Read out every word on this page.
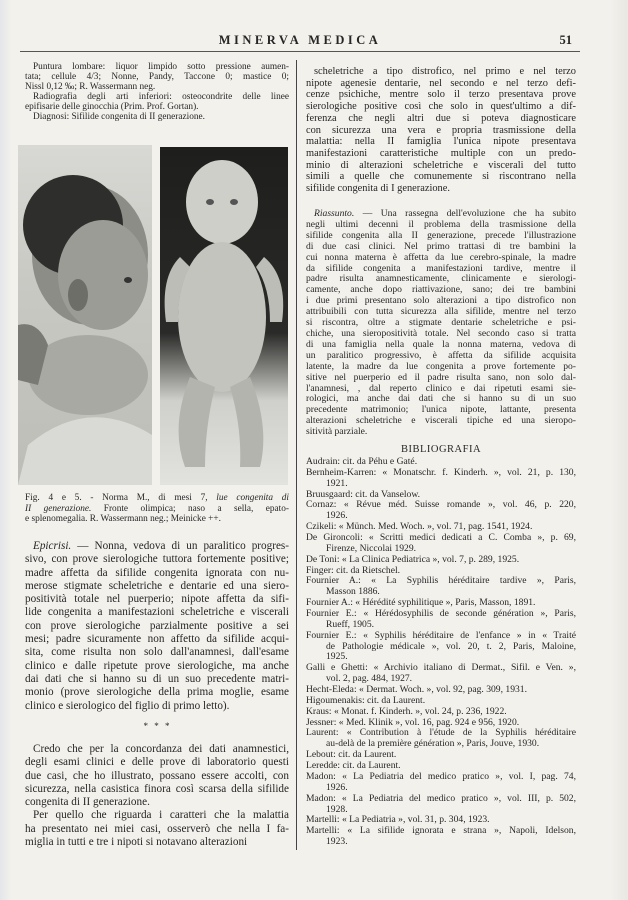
MINERVA MEDICA	51
Puntura lombare: liquor limpido sotto pressione aumen-
tata; cellule 4/3; Nonne, Pandy, Taccone 0; mastice 0;
Nissl 0,12 ‰; R. Wassermann neg.
Radiografia degli arti inferiori: osteocondrite delle linee
epifisarie delle ginocchia (Prim. Prof. Gortan).
Diagnosi: Sifilide congenita di II generazione.
Fig. 4 e 5. - Norma M., di mesi 7, lue congenita di
II generazione. Fronte olimpica; naso a sella, epato-
e splenomegalia. R. Wassermann neg.; Meinicke ++.
Epicrisi. — Nonna, vedova di un paralitico progres-
sivo, con prove sierologiche tuttora fortemente positive;
madre affetta da sifilide congenita ignorata con nu-
merose stigmate scheletriche e dentarie ed una siero-
positività totale nel puerperio; nipote affetta da sifi-
lide congenita a manifestazioni scheletriche e viscerali
con prove sierologiche parzialmente positive a sei
mesi; padre sicuramente non affetto da sifilide acqui-
sita, come risulta non solo dall'anamnesi, dall'esame
clinico e dalle ripetute prove sierologiche, ma anche
dai dati che si hanno su di un suo precedente matri-
monio (prove sierologiche della prima moglie, esame
clinico e sierologico del figlio di primo letto).
* * *
Credo che per la concordanza dei dati anamnestici,
degli esami clinici e delle prove di laboratorio questi
due casi, che ho illustrato, possano essere accolti, con
sicurezza, nella casistica finora così scarsa della sifilide
congenita di II generazione.
Per quello che riguarda i caratteri che la malattia
ha presentato nei miei casi, osserverò che nella I fa-
miglia in tutti e tre i nipoti si notavano alterazioni
scheletriche a tipo distrofico, nel primo e nel terzo
nipote agenesie dentarie, nel secondo e nel terzo defi-
cenze psichiche, mentre solo il terzo presentava prove
sierologiche positive così che solo in quest'ultimo a dif-
ferenza che negli altri due si poteva diagnosticare
con sicurezza una vera e propria trasmissione della
malattia: nella II famiglia l'unica nipote presentava
manifestazioni caratteristiche multiple con un predo-
minio di alterazioni scheletriche e viscerali del tutto
simili a quelle che comunemente si riscontrano nella
sifilide congenita di I generazione.
Riassunto. — Una rassegna dell'evoluzione che ha subito
negli ultimi decenni il problema della trasmissione della
sifilide congenita alla II generazione, precede l'illustrazione
di due casi clinici. Nel primo trattasi di tre bambini la
cui nonna materna è affetta da lue cerebro-spinale, la madre
da sifilide congenita a manifestazioni tardive, mentre il
padre risulta anamnesticamente, clinicamente e sierologi-
camente, anche dopo riattivazione, sano; dei tre bambini
i due primi presentano solo alterazioni a tipo distrofico non
attribuibili con tutta sicurezza alla sifilide, mentre nel terzo
si riscontra, oltre a stigmate dentarie scheletriche e psi-
chiche, una sieropositività totale. Nel secondo caso si tratta
di una famiglia nella quale la nonna materna, vedova di
un paralitico progressivo, è affetta da sifilide acquisita
latente, la madre da lue congenita a prove fortemente po-
sitive nel puerperio ed il padre risulta sano, non solo dal-
l'anamnesi, , dal reperto clinico e dai ripetuti esami sie-
rologici, ma anche dai dati che si hanno su di un suo
precedente matrimonio; l'unica nipote, lattante, presenta
alterazioni scheletriche e viscerali tipiche ed una sieropo-
sitività parziale.
BIBLIOGRAFIA
Audrain: cit. da Péhu e Gaté.
Bernheim-Karren: « Monatschr. f. Kinderh. », vol. 21, p. 130,
1921.
Bruusgaard: cit. da Vanselow.
Cornaz: « Révue méd. Suisse romande », vol. 46, p. 220,
1926.
Czikeli: « Münch. Med. Woch. », vol. 71, pag. 1541, 1924.
De Gironcoli: « Scritti medici dedicati a C. Comba », p. 69,
Firenze, Niccolai 1929.
De Toni: « La Clinica Pediatrica », vol. 7, p. 289, 1925.
Finger: cit. da Rietschel.
Fournier A.: « La Syphilis héréditaire tardive », Paris,
Masson 1886.
Fournier A.: « Hérédité syphilitique », Paris, Masson, 1891.
Fournier E.: « Hérédosyphilis de seconde génération », Paris,
Rueff, 1905.
Fournier E.: « Syphilis héréditaire de l'enfance » in « Traité
de Pathologie médicale », vol. 20, t. 2, Paris, Maloine,
1925.
Galli e Ghetti: « Archivio italiano di Dermat., Sifil. e Ven. »,
vol. 2, pag. 484, 1927.
Hecht-Eleda: « Dermat. Woch. », vol. 92, pag. 309, 1931.
Higoumenakis: cit. da Laurent.
Kraus: « Monat. f. Kinderh. », vol. 24, p. 236, 1922.
Jessner: « Med. Klinik », vol. 16, pag. 924 e 956, 1920.
Laurent: « Contribution à l'étude de la Syphilis héréditaire
au-delà de la première génération », Paris, Jouve, 1930.
Lebout: cit. da Laurent.
Leredde: cit. da Laurent.
Madon: « La Pediatria del medico pratico », vol. I, pag. 74,
1926.
Madon: « La Pediatria del medico pratico », vol. III, p. 502,
1928.
Martelli: « La Pediatria », vol. 31, p. 304, 1923.
Martelli: « La sifilide ignorata e strana », Napoli, Idelson,
1923.
